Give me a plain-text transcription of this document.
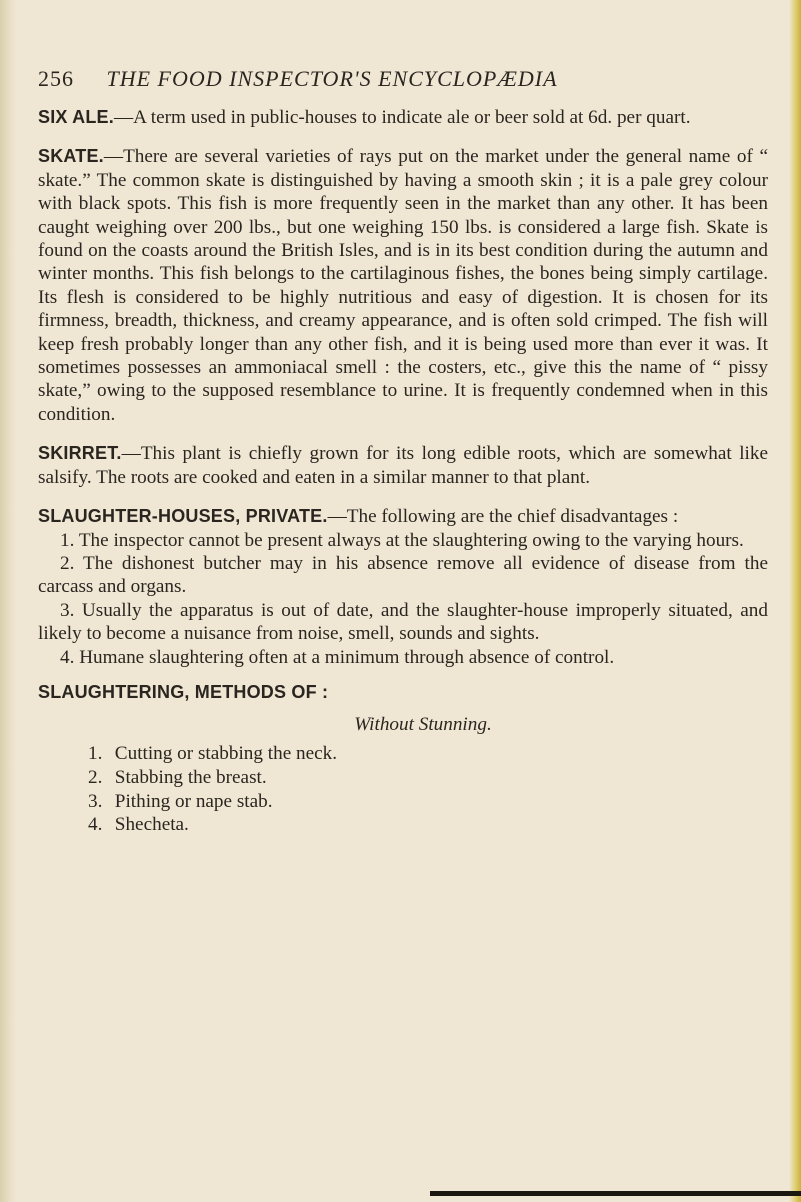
256 THE FOOD INSPECTOR'S ENCYCLOPÆDIA

SIX ALE.—A term used in public-houses to indicate ale or beer sold at 6d. per quart.

SKATE.—There are several varieties of rays put on the market under the general name of “ skate.” The common skate is distinguished by having a smooth skin ; it is a pale grey colour with black spots. This fish is more frequently seen in the market than any other. It has been caught weighing over 200 lbs., but one weighing 150 lbs. is considered a large fish. Skate is found on the coasts around the British Isles, and is in its best condition during the autumn and winter months. This fish belongs to the cartilaginous fishes, the bones being simply cartilage. Its flesh is considered to be highly nutritious and easy of digestion. It is chosen for its firmness, breadth, thickness, and creamy appearance, and is often sold crimped. The fish will keep fresh probably longer than any other fish, and it is being used more than ever it was. It sometimes possesses an ammoniacal smell : the costers, etc., give this the name of “ pissy skate,” owing to the supposed resemblance to urine. It is frequently condemned when in this condition.

SKIRRET.—This plant is chiefly grown for its long edible roots, which are somewhat like salsify. The roots are cooked and eaten in a similar manner to that plant.

SLAUGHTER-HOUSES, PRIVATE.—The following are the chief disadvantages :

1. The inspector cannot be present always at the slaughtering owing to the varying hours.

2. The dishonest butcher may in his absence remove all evidence of disease from the carcass and organs.

3. Usually the apparatus is out of date, and the slaughter-house improperly situated, and likely to become a nuisance from noise, smell, sounds and sights.

4. Humane slaughtering often at a minimum through absence of control.

SLAUGHTERING, METHODS OF :

Without Stunning.

1. Cutting or stabbing the neck.

2. Stabbing the breast.

3. Pithing or nape stab.

4. Shecheta.
